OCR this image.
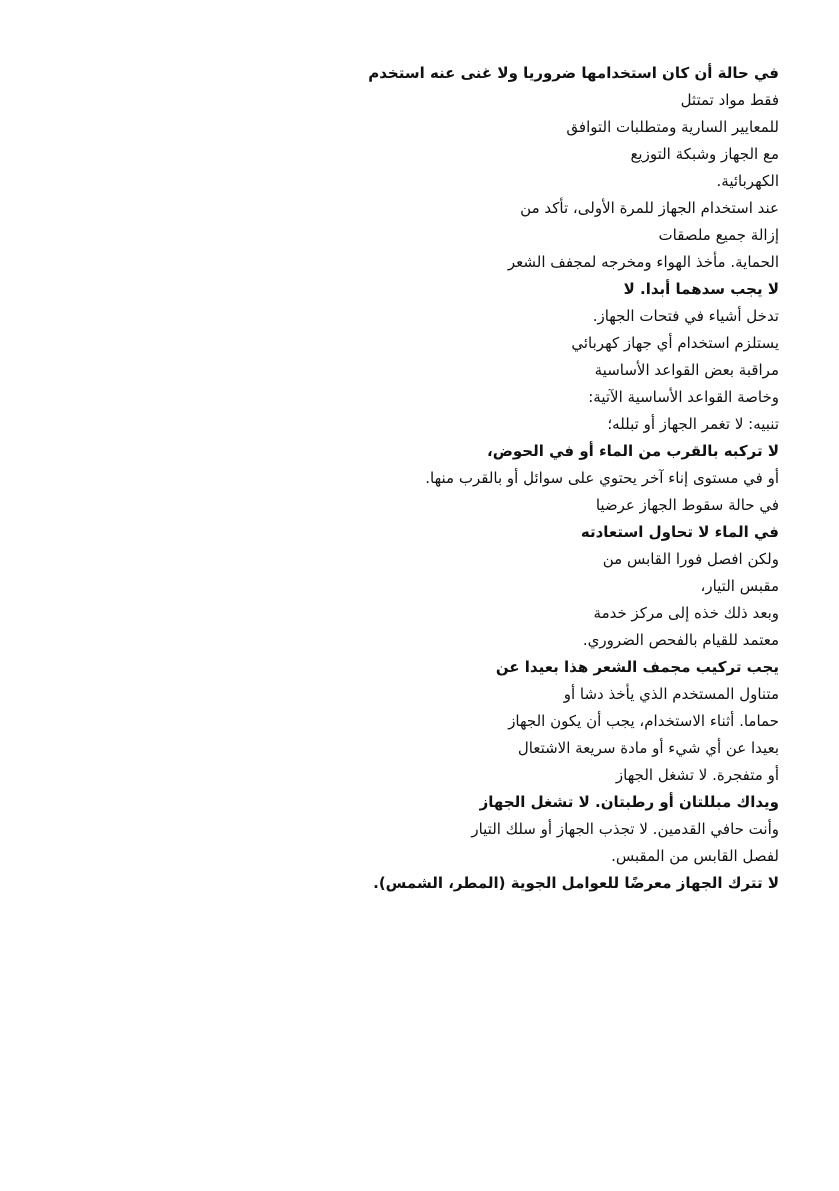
في حالة أن كان استخدامها ضروريا ولا غنى عنه استخدم
فقط مواد تمتثل
للمعايير السارية ومتطلبات التوافق
مع الجهاز وشبكة التوزيع
الكهربائية.
عند استخدام الجهاز للمرة الأولى، تأكد من
إزالة جميع ملصقات
الحماية. مأخذ الهواء ومخرجه لمجفف الشعر
لا يجب سدهما أبدا. لا
تدخل أشياء في فتحات الجهاز.
يستلزم استخدام أي جهاز كهربائي
مراقبة بعض القواعد الأساسية
وخاصة القواعد الأساسية الآتية:
تنبيه: لا تغمر الجهاز أو تبلله؛
لا تركبه بالقرب من الماء أو في الحوض،
أو في مستوى إناء آخر يحتوي على سوائل أو بالقرب منها.
في حالة سقوط الجهاز عرضيا
في الماء لا تحاول استعادته
ولكن افصل فورا القابس من
مقبس التيار،
وبعد ذلك خذه إلى مركز خدمة
معتمد للقيام بالفحص الضروري.
يجب تركيب مجمف الشعر هذا بعيدا عن
متناول المستخدم الذي يأخذ دشا أو
حماما. أثناء الاستخدام، يجب أن يكون الجهاز
بعيدا عن أي شيء أو مادة سريعة الاشتعال
أو متفجرة. لا تشغل الجهاز
ويداك مبللتان أو رطبتان. لا تشغل الجهاز
وأنت حافي القدمين. لا تجذب الجهاز أو سلك التيار
لفصل القابس من المقبس.
لا تترك الجهاز معرضًا للعوامل الجوية (المطر، الشمس).
